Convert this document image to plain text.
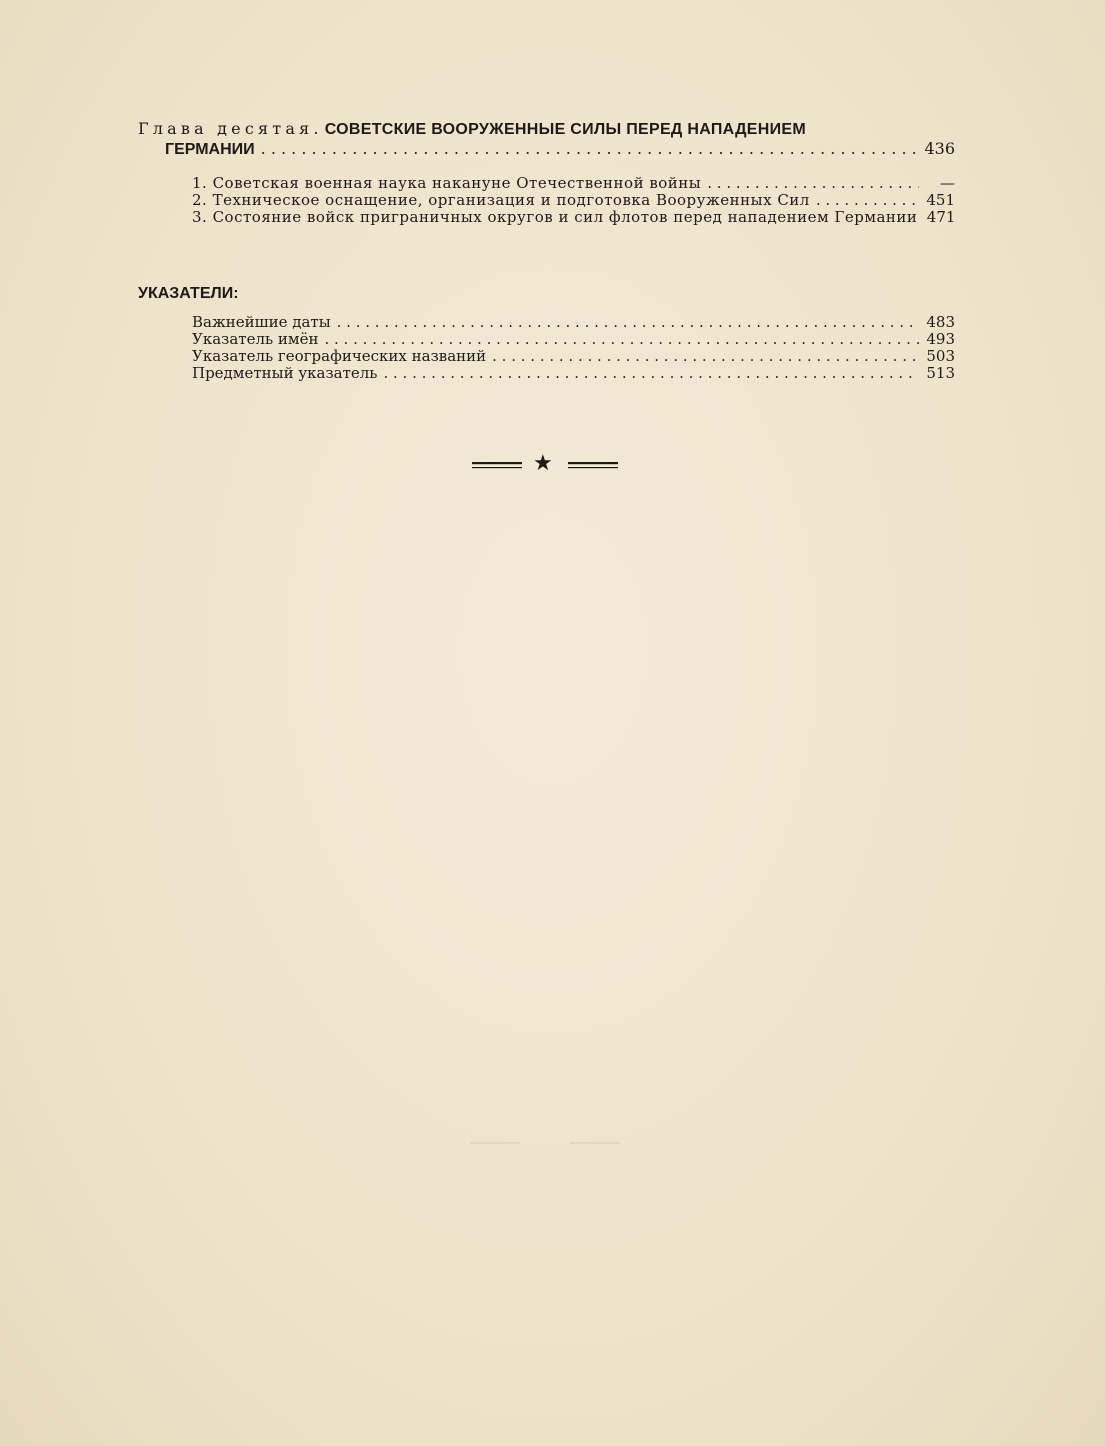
Глава десятая. СОВЕТСКИЕ ВООРУЖЕННЫЕ СИЛЫ ПЕРЕД НАПАДЕНИЕМ
ГЕРМАНИИ . . .	436
1. Советская военная наука накануне Отечественной войны . . .	—
2. Техническое оснащение, организация и подготовка Вооруженных Сил . . .	451
3. Состояние войск приграничных округов и сил флотов перед нападением Германии 471
УКАЗАТЕЛИ:
Важнейшие даты . . .	483
Указатель имён . . .	493
Указатель географических названий . . .	503
Предметный указатель . . .	513
★
